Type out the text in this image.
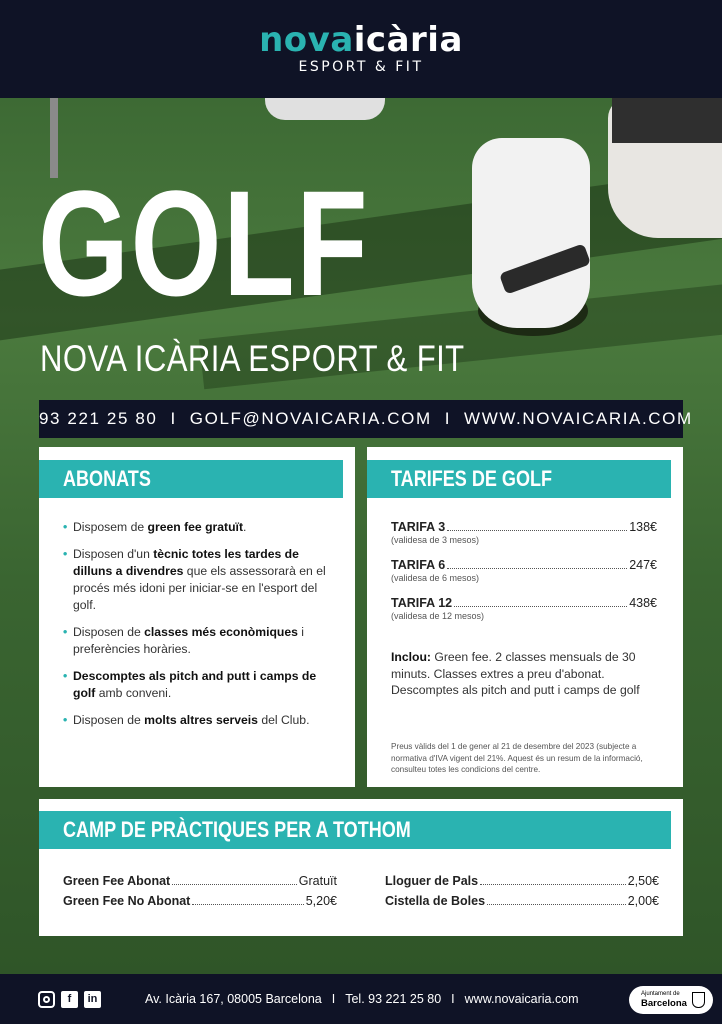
novaicària
ESPORT & FIT
GOLF
NOVA ICÀRIA ESPORT & FIT
93 221 25 80 I GOLF@NOVAICARIA.COM I WWW.NOVAICARIA.COM
ABONATS
• Disposem de green fee gratuït.
• Disposen d'un tècnic totes les tardes de dilluns a divendres que els assessorarà en el procés més idoni per iniciar-se en l'esport del golf.
• Disposen de classes més econòmiques i preferències horàries.
• Descomptes als pitch and putt i camps de golf amb conveni.
• Disposen de molts altres serveis del Club.
TARIFES DE GOLF
TARIFA 3	138€
(validesa de 3 mesos)
TARIFA 6	247€
(validesa de 6 mesos)
TARIFA 12	438€
(validesa de 12 mesos)
Inclou: Green fee. 2 classes mensuals de 30 minuts. Classes extres a preu d'abonat. Descomptes als pitch and putt i camps de golf
Preus vàlids del 1 de gener al 21 de desembre del 2023 (subjecte a normativa d'IVA vigent del 21%. Aquest és un resum de la informació, consulteu totes les condicions del centre.
CAMP DE PRÀCTIQUES PER A TOTHOM
Green Fee Abonat	Gratuït
Green Fee No Abonat	5,20€
Lloguer de Pals	2,50€
Cistella de Boles	2,00€
f	in	Av. Icària 167, 08005 Barcelona I Tel. 93 221 25 80 I www.novaicaria.com	Ajuntament de
Barcelona
